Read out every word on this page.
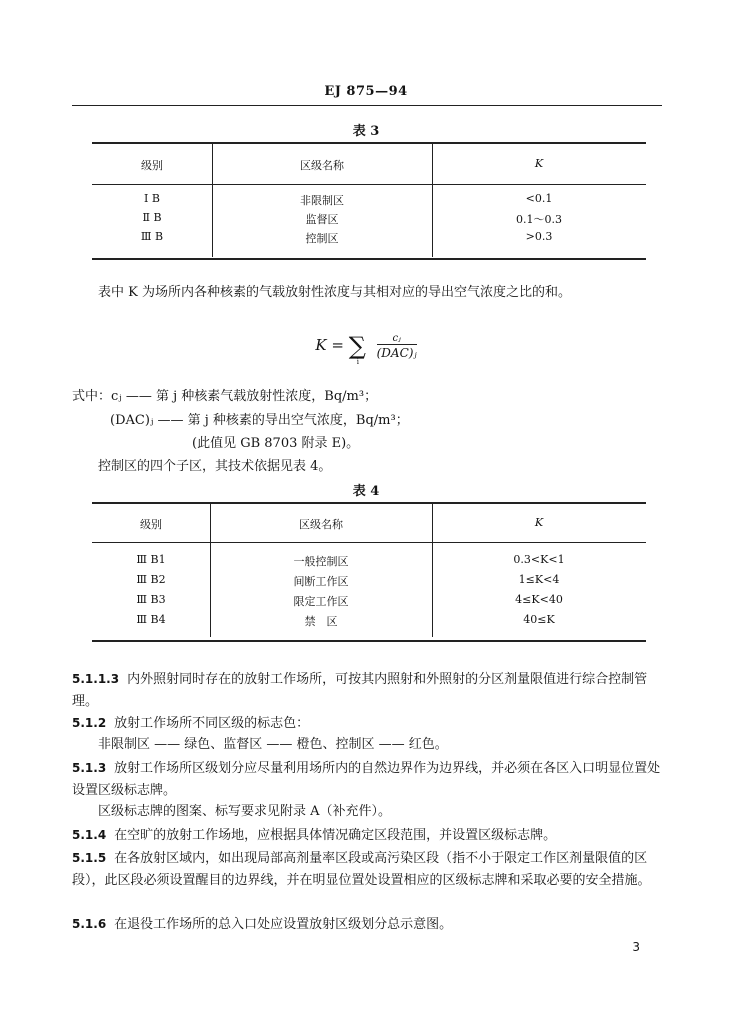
EJ 875—94
表 3
级别	区级名称	K
Ⅰ B	非限制区	<0.1
Ⅱ B	监督区	0.1～0.3
Ⅲ B	控制区	>0.3
表中 K 为场所内各种核素的气载放射性浓度与其相对应的导出空气浓度之比的和。
K = ∑
i

$\frac{\text{cⱼ}}{\text{(DAC)ⱼ}}$
式中：cⱼ —— 第 j 种核素气载放射性浓度，Bq/m³；
(DAC)ⱼ —— 第 j 种核素的导出空气浓度，Bq/m³；
(此值见 GB 8703 附录 E)。
控制区的四个子区，其技术依据见表 4。
表 4
级别	区级名称	K
Ⅲ B1	一般控制区	0.3<K<1
Ⅲ B2	间断工作区	1≤K<4
Ⅲ B3	限定工作区	4≤K<40
Ⅲ B4	禁　区	40≤K
5.1.1.3 内外照射同时存在的放射工作场所，可按其内照射和外照射的分区剂量限值进行综合控制管理。
5.1.2 放射工作场所不同区级的标志色：
非限制区 —— 绿色、监督区 —— 橙色、控制区 —— 红色。
5.1.3 放射工作场所区级划分应尽量利用场所内的自然边界作为边界线，并必须在各区入口明显位置处设置区级标志牌。
区级标志牌的图案、标写要求见附录 A（补充件）。
5.1.4 在空旷的放射工作场地，应根据具体情况确定区段范围，并设置区级标志牌。
5.1.5 在各放射区域内，如出现局部高剂量率区段或高污染区段（指不小于限定工作区剂量限值的区段），此区段必须设置醒目的边界线，并在明显位置处设置相应的区级标志牌和采取必要的安全措施。
5.1.6 在退役工作场所的总入口处应设置放射区级划分总示意图。
3
